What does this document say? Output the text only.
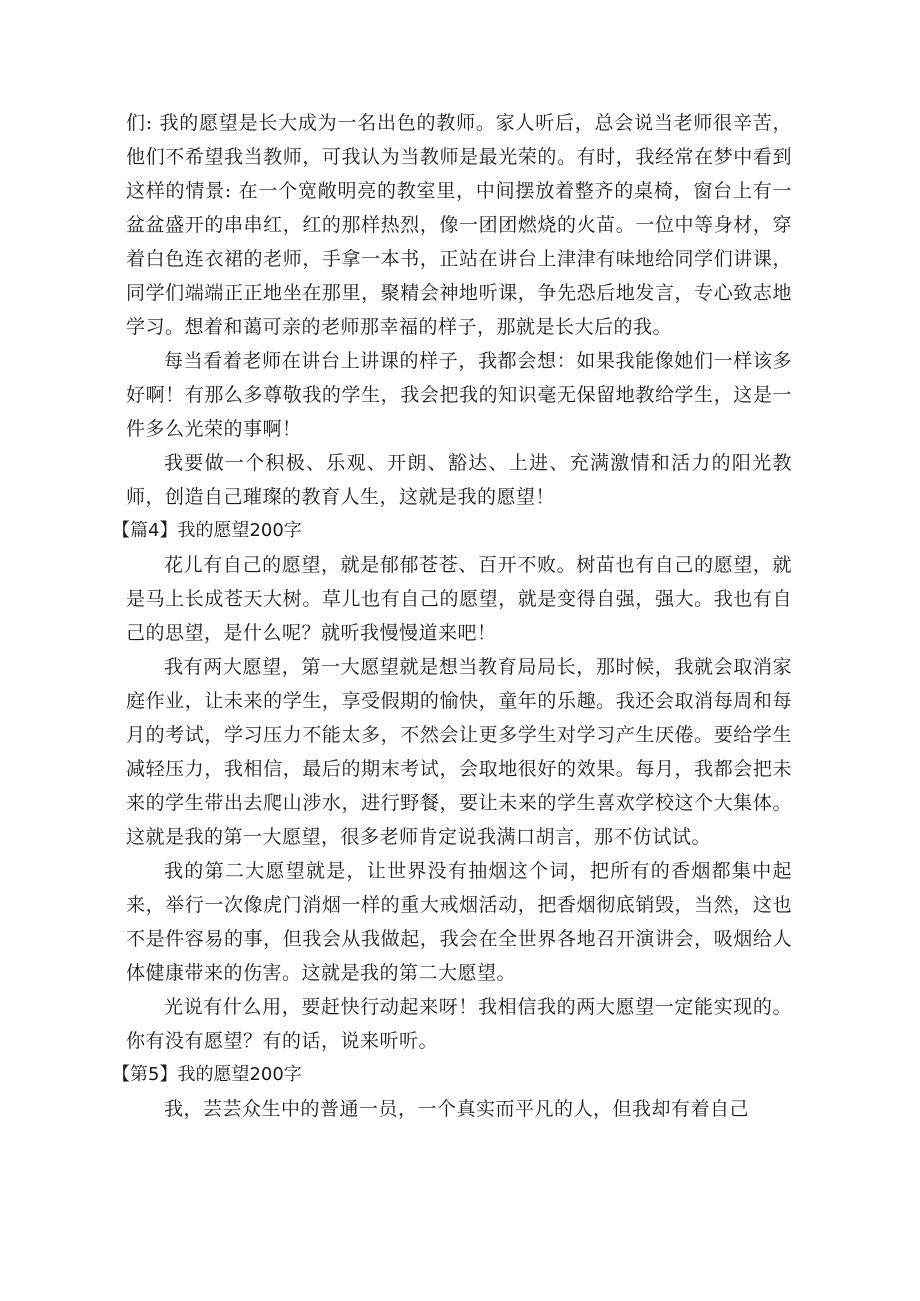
们: 我的愿望是长大成为一名出色的教师。家人听后，总会说当老师很辛苦，他们不希望我当教师，可我认为当教师是最光荣的。有时，我经常在梦中看到这样的情景: 在一个宽敞明亮的教室里，中间摆放着整齐的桌椅，窗台上有一盆盆盛开的串串红，红的那样热烈，像一团团燃烧的火苗。一位中等身材，穿着白色连衣裙的老师，手拿一本书，正站在讲台上津津有味地给同学们讲课，同学们端端正正地坐在那里，聚精会神地听课，争先恐后地发言，专心致志地学习。想着和蔼可亲的老师那幸福的样子，那就是长大后的我。

每当看着老师在讲台上讲课的样子，我都会想：如果我能像她们一样该多好啊！有那么多尊敬我的学生，我会把我的知识毫无保留地教给学生，这是一件多么光荣的事啊！

我要做一个积极、乐观、开朗、豁达、上进、充满激情和活力的阳光教师，创造自己璀璨的教育人生，这就是我的愿望！

【篇4】我的愿望200字

花儿有自己的愿望，就是郁郁苍苍、百开不败。树苗也有自己的愿望，就是马上长成苍天大树。草儿也有自己的愿望，就是变得自强，强大。我也有自己的思望，是什么呢？就听我慢慢道来吧！

我有两大愿望，第一大愿望就是想当教育局局长，那时候，我就会取消家庭作业，让未来的学生，享受假期的愉快，童年的乐趣。我还会取消每周和每月的考试，学习压力不能太多，不然会让更多学生对学习产生厌倦。要给学生减轻压力，我相信，最后的期末考试，会取地很好的效果。每月，我都会把未来的学生带出去爬山涉水，进行野餐，要让未来的学生喜欢学校这个大集体。这就是我的第一大愿望，很多老师肯定说我满口胡言，那不仿试试。

我的第二大愿望就是，让世界没有抽烟这个词，把所有的香烟都集中起来，举行一次像虎门消烟一样的重大戒烟活动，把香烟彻底销毁，当然，这也不是件容易的事，但我会从我做起，我会在全世界各地召开演讲会，吸烟给人体健康带来的伤害。这就是我的第二大愿望。

光说有什么用，要赶快行动起来呀！我相信我的两大愿望一定能实现的。你有没有愿望？有的话，说来听听。

【第5】我的愿望200字

我，芸芸众生中的普通一员，一个真实而平凡的人，但我却有着自己
